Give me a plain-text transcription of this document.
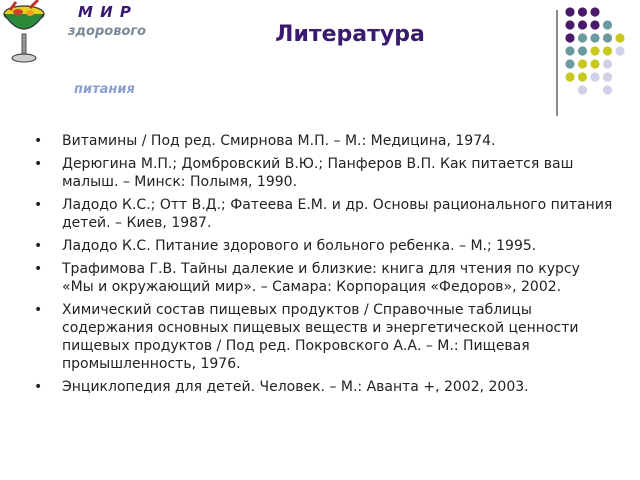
М И Р
здорового
питания
Литература
• Витамины / Под ред. Смирнова М.П. – М.: Медицина, 1974.
• Дерюгина М.П.; Домбровский В.Ю.; Панферов В.П. Как питается ваш малыш. – Минск: Полымя, 1990.
• Ладодо К.С.; Отт В.Д.; Фатеева Е.М. и др. Основы рационального питания детей. – Киев, 1987.
• Ладодо К.С. Питание здорового и больного ребенка. – М.; 1995.
• Трафимова Г.В. Тайны далекие и близкие: книга для чтения по курсу «Мы и окружающий мир». – Самара: Корпорация «Федоров», 2002.
• Химический состав пищевых продуктов / Справочные таблицы содержания основных пищевых веществ и энергетической ценности пищевых продуктов / Под ред. Покровского А.А. – М.: Пищевая промышленность, 1976.
• Энциклопедия для детей. Человек. – М.: Аванта +, 2002, 2003.
